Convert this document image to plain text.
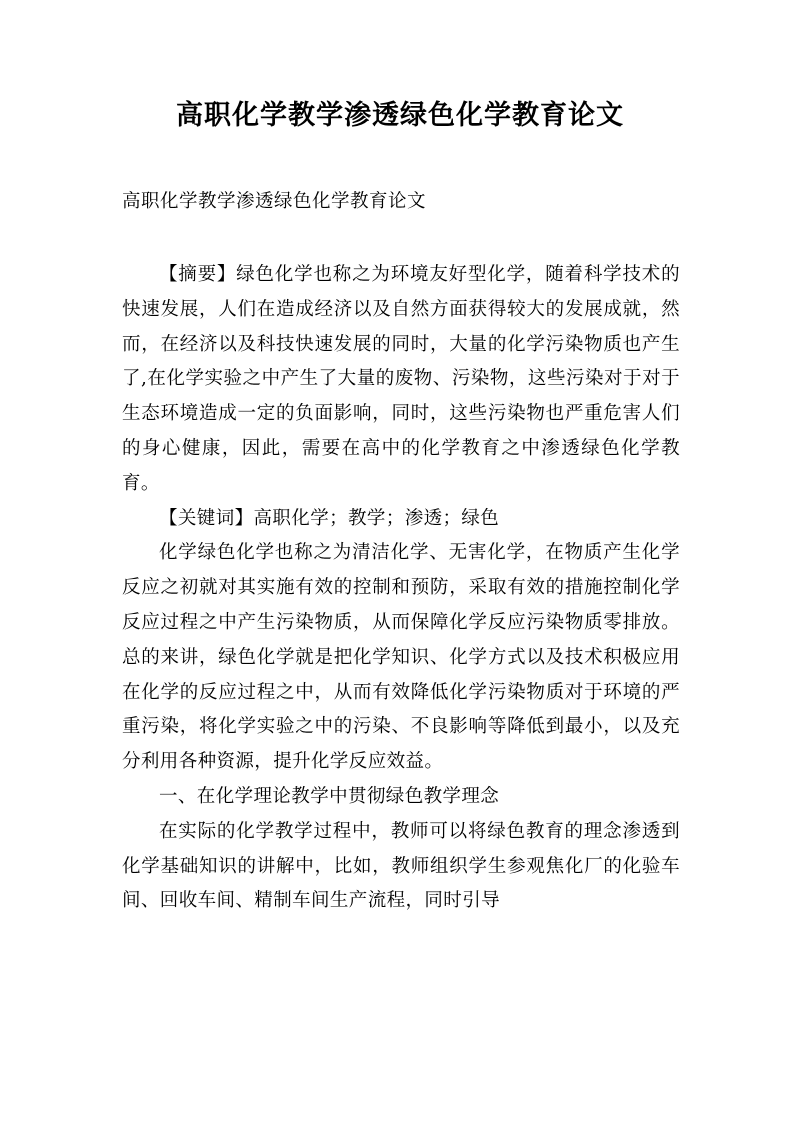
高职化学教学渗透绿色化学教育论文

高职化学教学渗透绿色化学教育论文

【摘要】绿色化学也称之为环境友好型化学，随着科学技术的快速发展，人们在造成经济以及自然方面获得较大的发展成就，然而，在经济以及科技快速发展的同时，大量的化学污染物质也产生了,在化学实验之中产生了大量的废物、污染物，这些污染对于对于生态环境造成一定的负面影响，同时，这些污染物也严重危害人们的身心健康，因此，需要在高中的化学教育之中渗透绿色化学教育。

【关键词】高职化学；教学；渗透；绿色

化学绿色化学也称之为清洁化学、无害化学，在物质产生化学反应之初就对其实施有效的控制和预防，采取有效的措施控制化学反应过程之中产生污染物质，从而保障化学反应污染物质零排放。总的来讲，绿色化学就是把化学知识、化学方式以及技术积极应用在化学的反应过程之中，从而有效降低化学污染物质对于环境的严重污染，将化学实验之中的污染、不良影响等降低到最小，以及充分利用各种资源，提升化学反应效益。

一、在化学理论教学中贯彻绿色教学理念

在实际的化学教学过程中，教师可以将绿色教育的理念渗透到化学基础知识的讲解中，比如，教师组织学生参观焦化厂的化验车间、回收车间、精制车间生产流程，同时引导
